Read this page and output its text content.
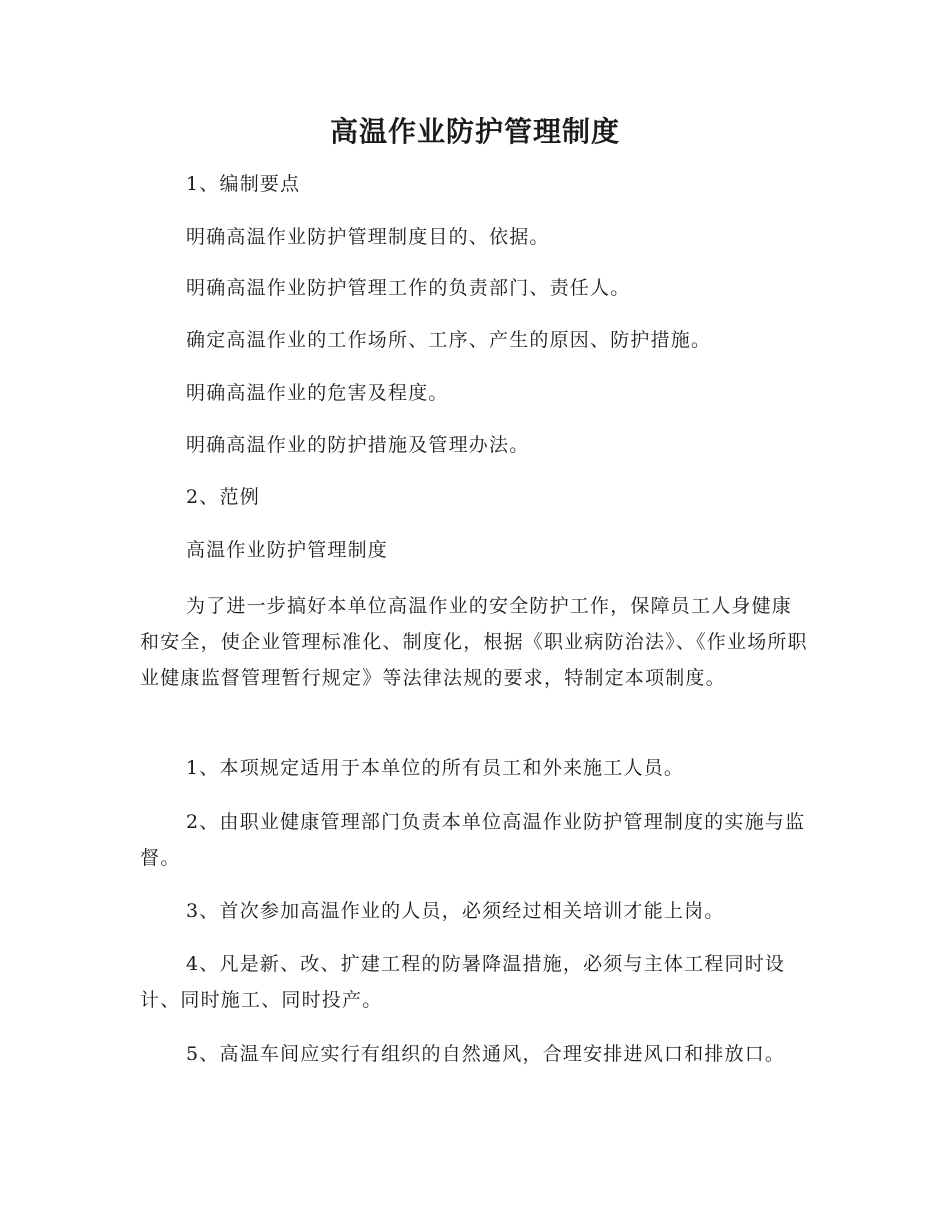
高温作业防护管理制度

1、编制要点

明确高温作业防护管理制度目的、依据。

明确高温作业防护管理工作的负责部门、责任人。

确定高温作业的工作场所、工序、产生的原因、防护措施。

明确高温作业的危害及程度。

明确高温作业的防护措施及管理办法。

2、范例

高温作业防护管理制度

为了进一步搞好本单位高温作业的安全防护工作，保障员工人身健康和安全，使企业管理标准化、制度化，根据《职业病防治法》、《作业场所职业健康监督管理暂行规定》等法律法规的要求，特制定本项制度。

1、本项规定适用于本单位的所有员工和外来施工人员。

2、由职业健康管理部门负责本单位高温作业防护管理制度的实施与监督。

3、首次参加高温作业的人员，必须经过相关培训才能上岗。

4、凡是新、改、扩建工程的防暑降温措施，必须与主体工程同时设计、同时施工、同时投产。

5、高温车间应实行有组织的自然通风，合理安排进风口和排放口。
